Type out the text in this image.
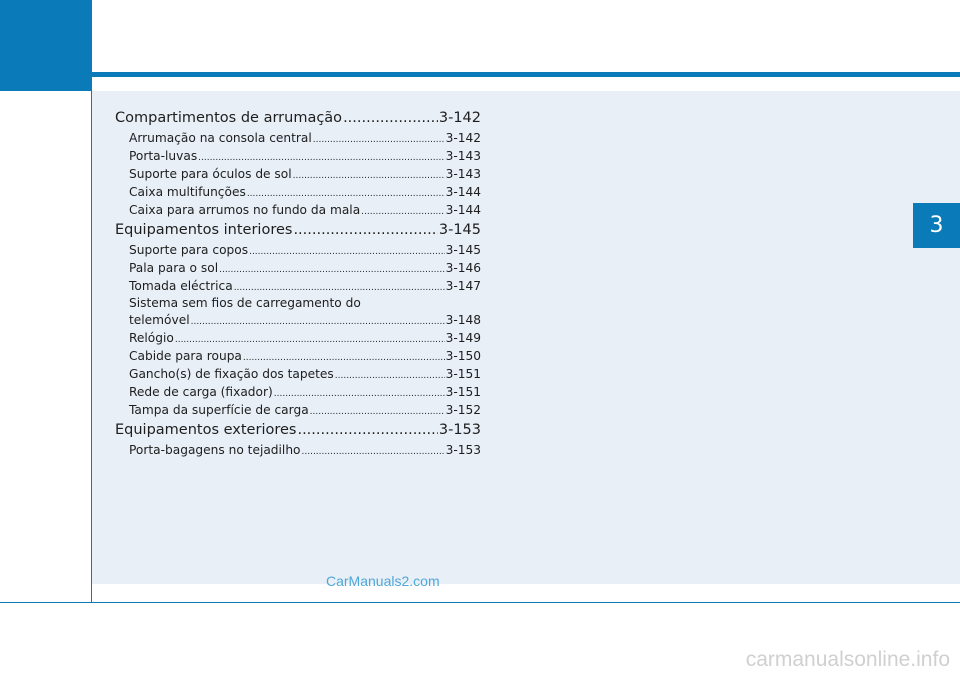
3
Compartimentos de arrumação .....	3-142
Arrumação na consola central .....	3-142
Porta-luvas .....	3-143
Suporte para óculos de sol .....	3-143
Caixa multifunções .....	3-144
Caixa para arrumos no fundo da mala .....	3-144
Equipamentos interiores .....	3-145
Suporte para copos .....	3-145
Pala para o sol .....	3-146
Tomada eléctrica .....	3-147
Sistema sem fios de carregamento do
telemóvel .....	3-148
Relógio .....	3-149
Cabide para roupa .....	3-150
Gancho(s) de fixação dos tapetes .....	3-151
Rede de carga (fixador) .....	3-151
Tampa da superfície de carga .....	3-152
Equipamentos exteriores .....	3-153
Porta-bagagens no tejadilho .....	3-153
CarManuals2.com
carmanualsonline.info
